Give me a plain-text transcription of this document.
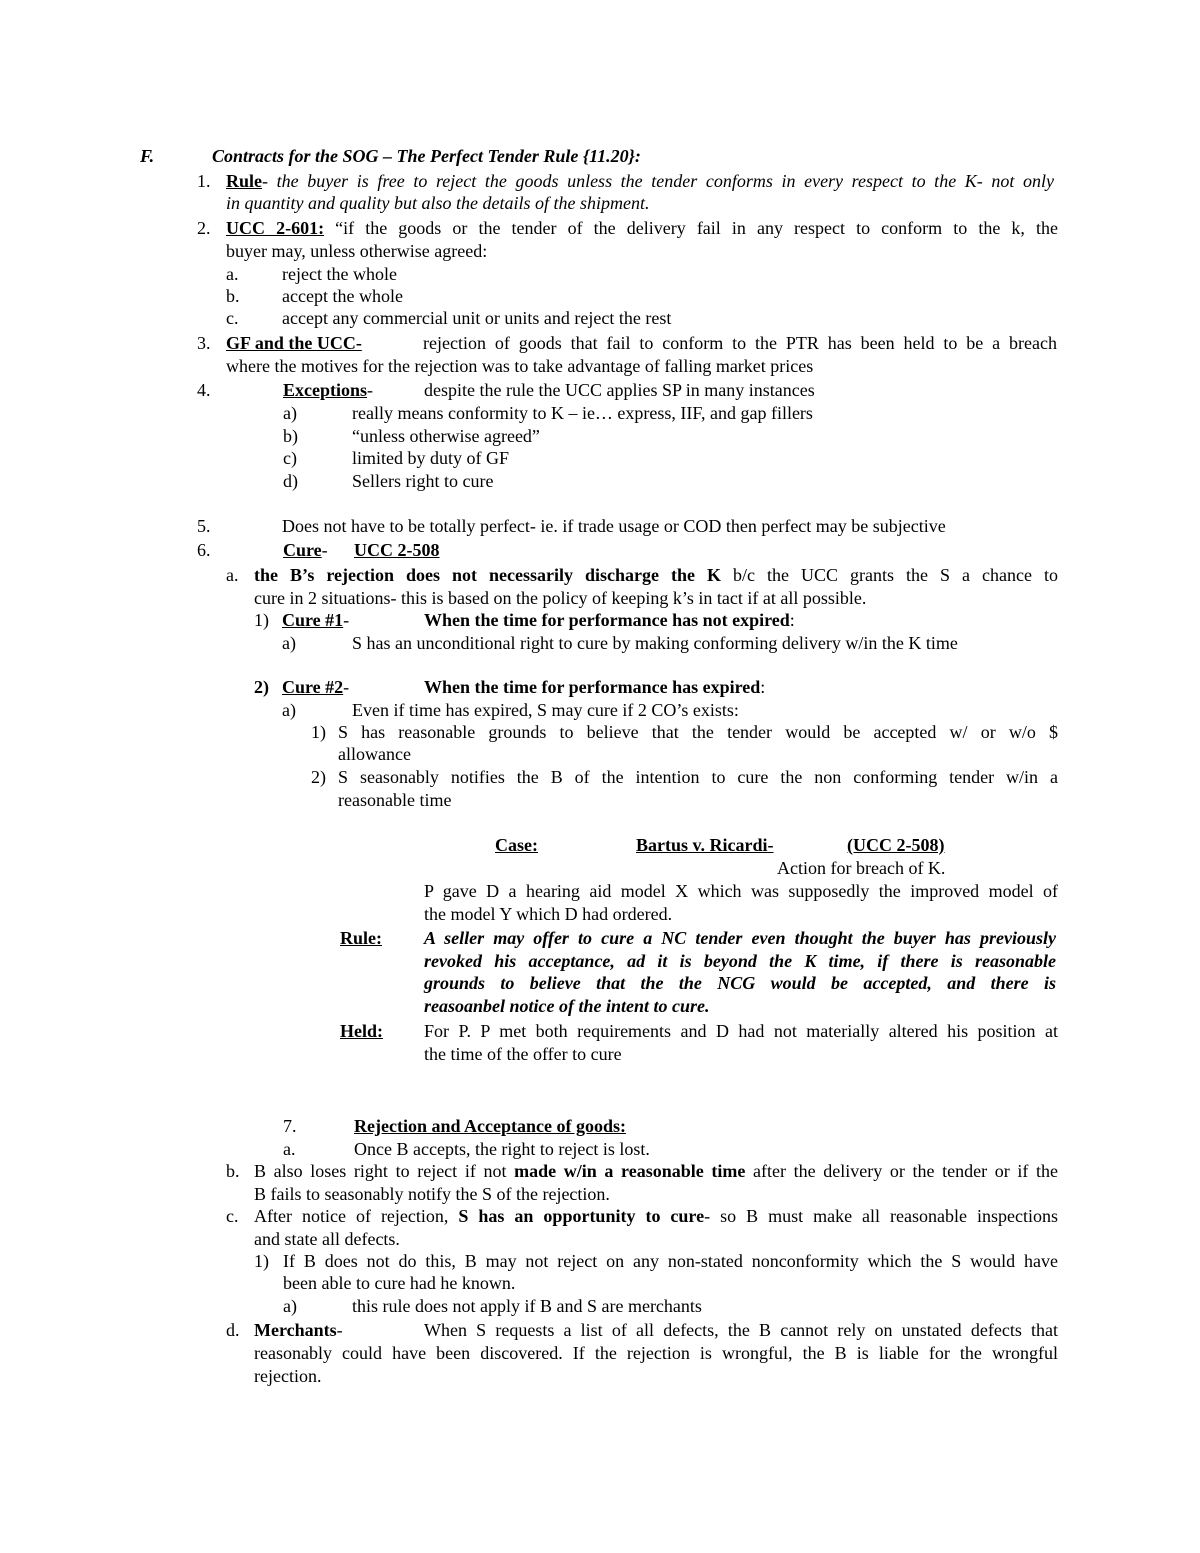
F.	Contracts for the SOG – The Perfect Tender Rule {11.20}:
1. Rule- the buyer is free to reject the goods unless the tender conforms in every respect to the K- not only
in quantity and quality but also the details of the shipment.
2. UCC 2-601: “if the goods or the tender of the delivery fail in any respect to conform to the k, the
buyer may, unless otherwise agreed:
a. reject the whole
b. accept the whole
c. accept any commercial unit or units and reject the rest
3. GF and the UCC-	rejection of goods that fail to conform to the PTR has been held to be a breach
where the motives for the rejection was to take advantage of falling market prices
4.	Exceptions-	despite the rule the UCC applies SP in many instances
a)	really means conformity to K – ie… express, IIF, and gap fillers
b)	“unless otherwise agreed”
c)	limited by duty of GF
d)	Sellers right to cure
5.	Does not have to be totally perfect- ie. if trade usage or COD then perfect may be subjective
6.	Cure- UCC 2-508
a. the B’s rejection does not necessarily discharge the K b/c the UCC grants the S a chance to
cure in 2 situations- this is based on the policy of keeping k’s in tact if at all possible.
1) Cure #1-	When the time for performance has not expired:
a)	S has an unconditional right to cure by making conforming delivery w/in the K time
2) Cure #2-	When the time for performance has expired:
a)	Even if time has expired, S may cure if 2 CO’s exists:
1) S has reasonable grounds to believe that the tender would be accepted w/ or w/o $
allowance
2) S seasonably notifies the B of the intention to cure the non conforming tender w/in a
reasonable time
Case:	Bartus v. Ricardi-	(UCC 2-508)
Action for breach of K.
P gave D a hearing aid model X which was supposedly the improved model of
the model Y which D had ordered.
Rule: A seller may offer to cure a NC tender even thought the buyer has previously
revoked his acceptance, ad it is beyond the K time, if there is reasonable
grounds to believe that the the NCG would be accepted, and there is
reasoanbel notice of the intent to cure.
Held: For P. P met both requirements and D had not materially altered his position at
the time of the offer to cure
7.	Rejection and Acceptance of goods:
a.	Once B accepts, the right to reject is lost.
b. B also loses right to reject if not made w/in a reasonable time after the delivery or the tender or if the
B fails to seasonably notify the S of the rejection.
c. After notice of rejection, S has an opportunity to cure- so B must make all reasonable inspections
and state all defects.
1) If B does not do this, B may not reject on any non-stated nonconformity which the S would have
been able to cure had he known.
a)	this rule does not apply if B and S are merchants
d. Merchants-	When S requests a list of all defects, the B cannot rely on unstated defects that
reasonably could have been discovered. If the rejection is wrongful, the B is liable for the wrongful
rejection.
